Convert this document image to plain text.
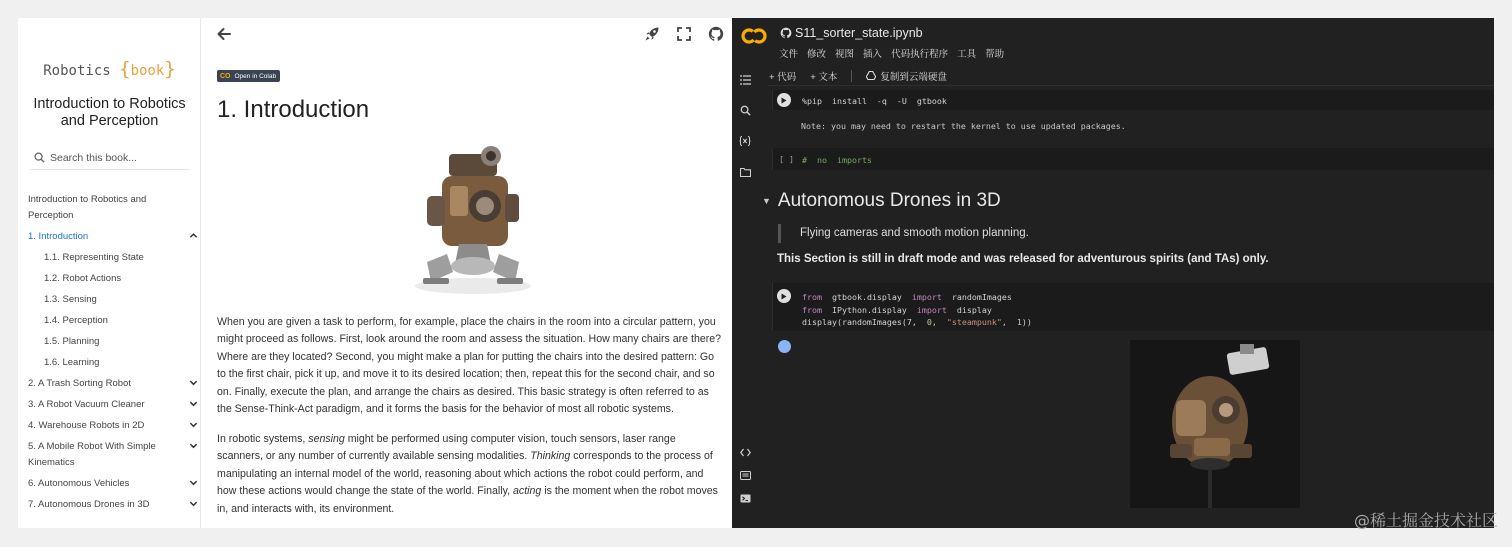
Robotics {book}
Introduction to Robotics and Perception
Search this book...
Introduction to Robotics and Perception
1. Introduction
1.1. Representing State
1.2. Robot Actions
1.3. Sensing
1.4. Perception
1.5. Planning
1.6. Learning
2. A Trash Sorting Robot
3. A Robot Vacuum Cleaner
4. Warehouse Robots in 2D
5. A Mobile Robot With Simple Kinematics
6. Autonomous Vehicles
7. Autonomous Drones in 3D
CO Open in Colab
1. Introduction

When you are given a task to perform, for example, place the chairs in the room into a circular pattern, you might proceed as follows. First, look around the room and assess the situation. How many chairs are there? Where are they located? Second, you might make a plan for putting the chairs into the desired pattern: Go to the first chair, pick it up, and move it to its desired location; then, repeat this for the second chair, and so on. Finally, execute the plan, and arrange the chairs as desired. This basic strategy is often referred to as the Sense-Think-Act paradigm, and it forms the basis for the behavior of most all robotic systems.

In robotic systems, sensing might be performed using computer vision, touch sensors, laser range scanners, or any number of currently available sensing modalities. Thinking corresponds to the process of manipulating an internal model of the world, reasoning about which actions the robot could perform, and how these actions would change the state of the world. Finally, acting is the moment when the robot moves in, and interacts with, its environment.

S11_sorter_state.ipynb
文件 修改 视图 插入 代码执行程序 工具 帮助
+ 代码 + 文本	复制到云端硬盘
%pip  install  -q  -U  gtbook
Note: you may need to restart the kernel to use updated packages.
[ ] #  no  imports
▼ Autonomous Drones in 3D
Flying cameras and smooth motion planning.
This Section is still in draft mode and was released for adventurous spirits (and TAs) only.
from  gtbook.display  import  randomImages
from  IPython.display  import  display
display(randomImages(7,  0,  "steampunk",  1))
@稀土掘金技术社区
